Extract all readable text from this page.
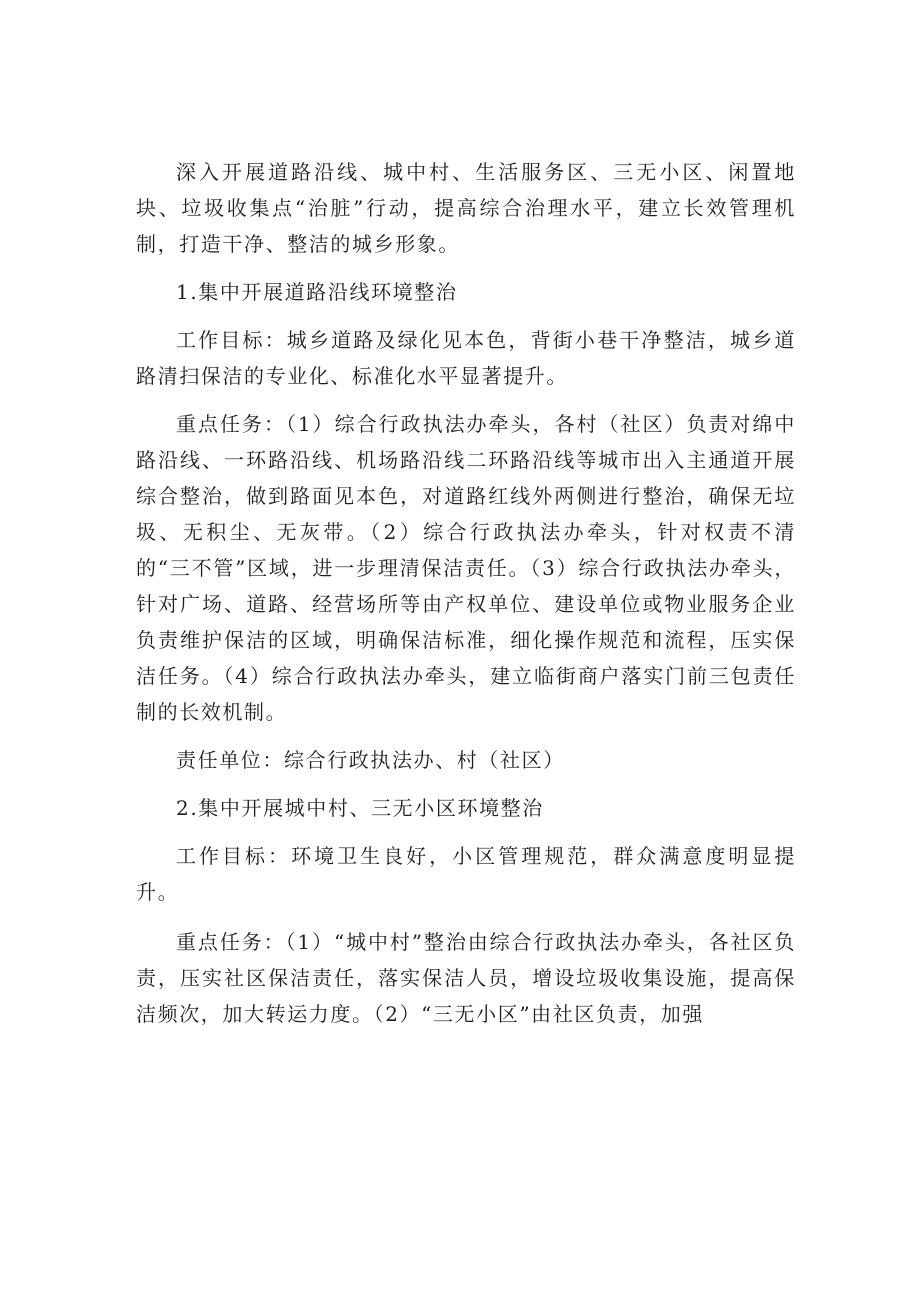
深入开展道路沿线、城中村、生活服务区、三无小区、闲置地块、垃圾收集点“治脏”行动，提高综合治理水平，建立长效管理机制，打造干净、整洁的城乡形象。

1.集中开展道路沿线环境整治

工作目标：城乡道路及绿化见本色，背街小巷干净整洁，城乡道路清扫保洁的专业化、标准化水平显著提升。

重点任务：（1）综合行政执法办牵头，各村（社区）负责对绵中路沿线、一环路沿线、机场路沿线二环路沿线等城市出入主通道开展综合整治，做到路面见本色，对道路红线外两侧进行整治，确保无垃圾、无积尘、无灰带。（2）综合行政执法办牵头，针对权责不清的“三不管”区域，进一步理清保洁责任。（3）综合行政执法办牵头，针对广场、道路、经营场所等由产权单位、建设单位或物业服务企业负责维护保洁的区域，明确保洁标准，细化操作规范和流程，压实保洁任务。（4）综合行政执法办牵头，建立临街商户落实门前三包责任制的长效机制。

责任单位：综合行政执法办、村（社区）

2.集中开展城中村、三无小区环境整治

工作目标：环境卫生良好，小区管理规范，群众满意度明显提升。

重点任务：（1）“城中村”整治由综合行政执法办牵头，各社区负责，压实社区保洁责任，落实保洁人员，增设垃圾收集设施，提高保洁频次，加大转运力度。（2）“三无小区”由社区负责，加强
